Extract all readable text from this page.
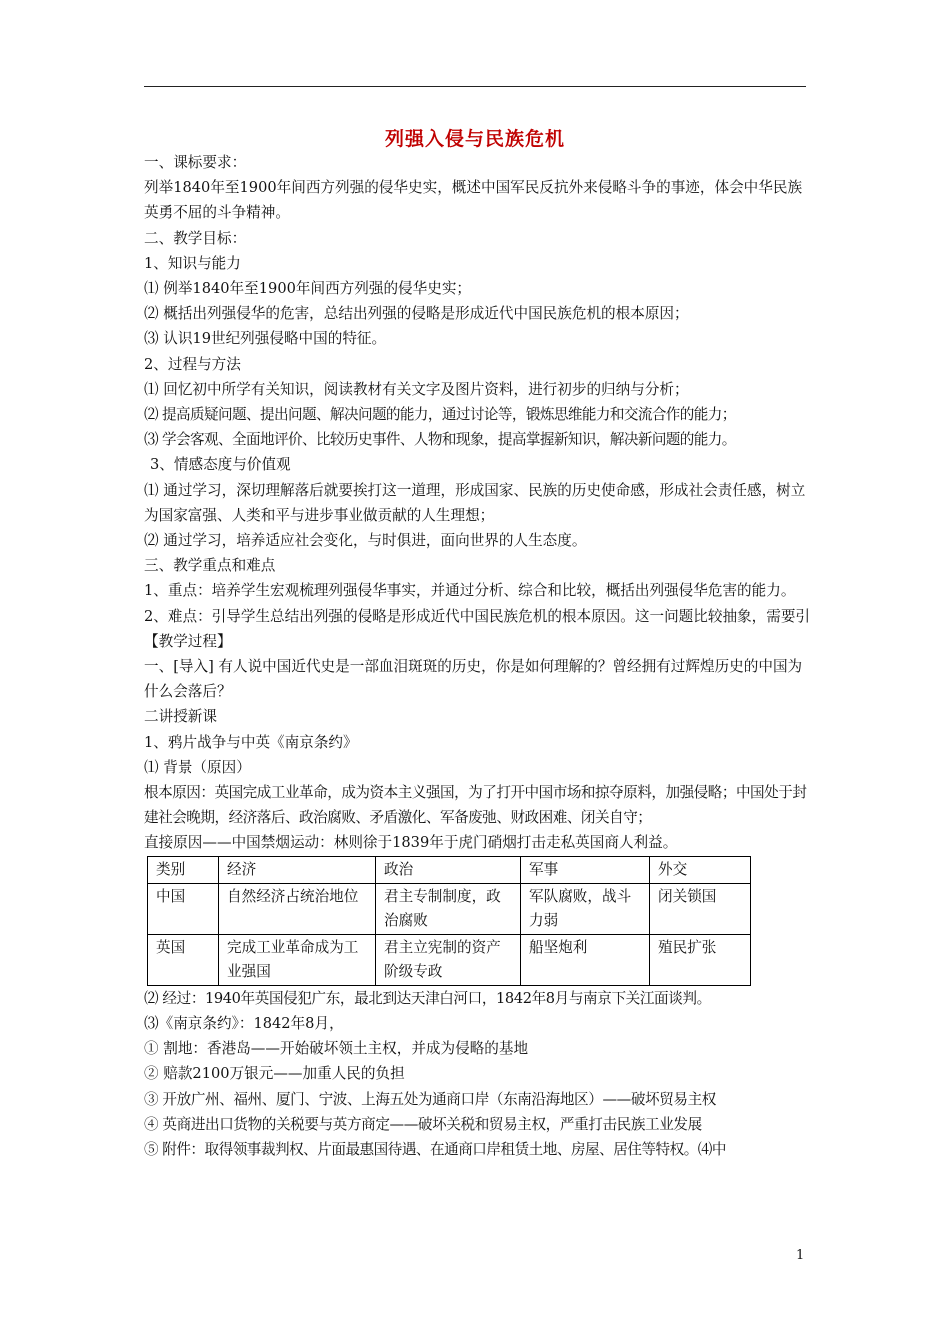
列强入侵与民族危机

一、课标要求：

列举1840年至1900年间西方列强的侵华史实，概述中国军民反抗外来侵略斗争的事迹，体会中华民族英勇不屈的斗争精神。

二、教学目标：

1、知识与能力

⑴ 例举1840年至1900年间西方列强的侵华史实；

⑵ 概括出列强侵华的危害，总结出列强的侵略是形成近代中国民族危机的根本原因；

⑶ 认识19世纪列强侵略中国的特征。

2、过程与方法

⑴ 回忆初中所学有关知识，阅读教材有关文字及图片资料，进行初步的归纳与分析；

⑵ 提高质疑问题、提出问题、解决问题的能力，通过讨论等，锻炼思维能力和交流合作的能力；

⑶ 学会客观、全面地评价、比较历史事件、人物和现象，提高掌握新知识，解决新问题的能力。

3、情感态度与价值观

⑴ 通过学习，深切理解落后就要挨打这一道理，形成国家、民族的历史使命感，形成社会责任感，树立为国家富强、人类和平与进步事业做贡献的人生理想；

⑵ 通过学习，培养适应社会变化，与时俱进，面向世界的人生态度。

三、教学重点和难点

1、重点：培养学生宏观梳理列强侵华事实，并通过分析、综合和比较，概括出列强侵华危害的能力。

2、难点：引导学生总结出列强的侵略是形成近代中国民族危机的根本原因。这一问题比较抽象，需要引

【教学过程】

一、[导入] 有人说中国近代史是一部血泪斑斑的历史，你是如何理解的？曾经拥有过辉煌历史的中国为什么会落后？

二讲授新课

1、鸦片战争与中英《南京条约》

⑴ 背景（原因）

根本原因：英国完成工业革命，成为资本主义强国，为了打开中国市场和掠夺原料，加强侵略；中国处于封建社会晚期，经济落后、政治腐败、矛盾激化、军备废弛、财政困难、闭关自守；

直接原因——中国禁烟运动：林则徐于1839年于虎门硝烟打击走私英国商人利益。

类别	经济	政治	军事	外交
中国	自然经济占统治地位	君主专制制度，政治腐败	军队腐败，战斗力弱	闭关锁国
英国	完成工业革命成为工业强国	君主立宪制的资产阶级专政	船坚炮利	殖民扩张

⑵ 经过：1940年英国侵犯广东，最北到达天津白河口，1842年8月与南京下关江面谈判。

⑶《南京条约》：1842年8月，

① 割地：香港岛——开始破坏领土主权，并成为侵略的基地

② 赔款2100万银元——加重人民的负担

③ 开放广州、福州、厦门、宁波、上海五处为通商口岸（东南沿海地区）——破坏贸易主权

④ 英商进出口货物的关税要与英方商定——破坏关税和贸易主权，严重打击民族工业发展

⑤ 附件：取得领事裁判权、片面最惠国待遇、在通商口岸租赁土地、房屋、居住等特权。⑷中

1
